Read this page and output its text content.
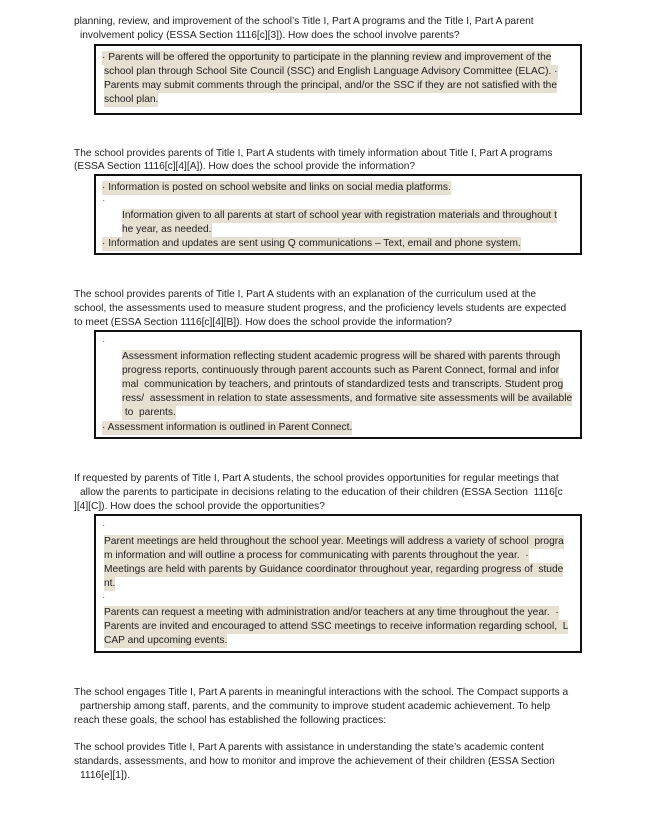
planning, review, and improvement of the school’s Title I, Part A programs and the Title I, Part A parent
involvement policy (ESSA Section 1116[c][3]). How does the school involve parents?
· Parents will be offered the opportunity to participate in the planning review and improvement of the
school plan through School Site Council (SSC) and English Language Advisory Committee (ELAC). ·
Parents may submit comments through the principal, and/or the SSC if they are not satisfied with the
school plan.
The school provides parents of Title I, Part A students with timely information about Title I, Part A programs
(ESSA Section 1116[c][4][A]). How does the school provide the information?
· Information is posted on school website and links on social media platforms.
·
Information given to all parents at start of school year with registration materials and throughout t
he year, as needed.
· Information and updates are sent using Q communications – Text, email and phone system.
The school provides parents of Title I, Part A students with an explanation of the curriculum used at the
school, the assessments used to measure student progress, and the proficiency levels students are expected
to meet (ESSA Section 1116[c][4][B]). How does the school provide the information?
·
Assessment information reflecting student academic progress will be shared with parents through
progress reports, continuously through parent accounts such as Parent Connect, formal and infor
mal  communication by teachers, and printouts of standardized tests and transcripts. Student prog
ress/  assessment in relation to state assessments, and formative site assessments will be available
to  parents.
· Assessment information is outlined in Parent Connect.
If requested by parents of Title I, Part A students, the school provides opportunities for regular meetings that
allow the parents to participate in decisions relating to the education of their children (ESSA Section  1116[c
][4][C]). How does the school provide the opportunities?
·
Parent meetings are held throughout the school year. Meetings will address a variety of school  progra
m information and will outline a process for communicating with parents throughout the year.  ·
Meetings are held with parents by Guidance coordinator throughout year, regarding progress of  stude
nt.
·
Parents can request a meeting with administration and/or teachers at any time throughout the year.  ·
Parents are invited and encouraged to attend SSC meetings to receive information regarding school,  L
CAP and upcoming events.
The school engages Title I, Part A parents in meaningful interactions with the school. The Compact supports a
partnership among staff, parents, and the community to improve student academic achievement. To help
reach these goals, the school has established the following practices:
The school provides Title I, Part A parents with assistance in understanding the state’s academic content
standards, assessments, and how to monitor and improve the achievement of their children (ESSA Section
1116[e][1]).
